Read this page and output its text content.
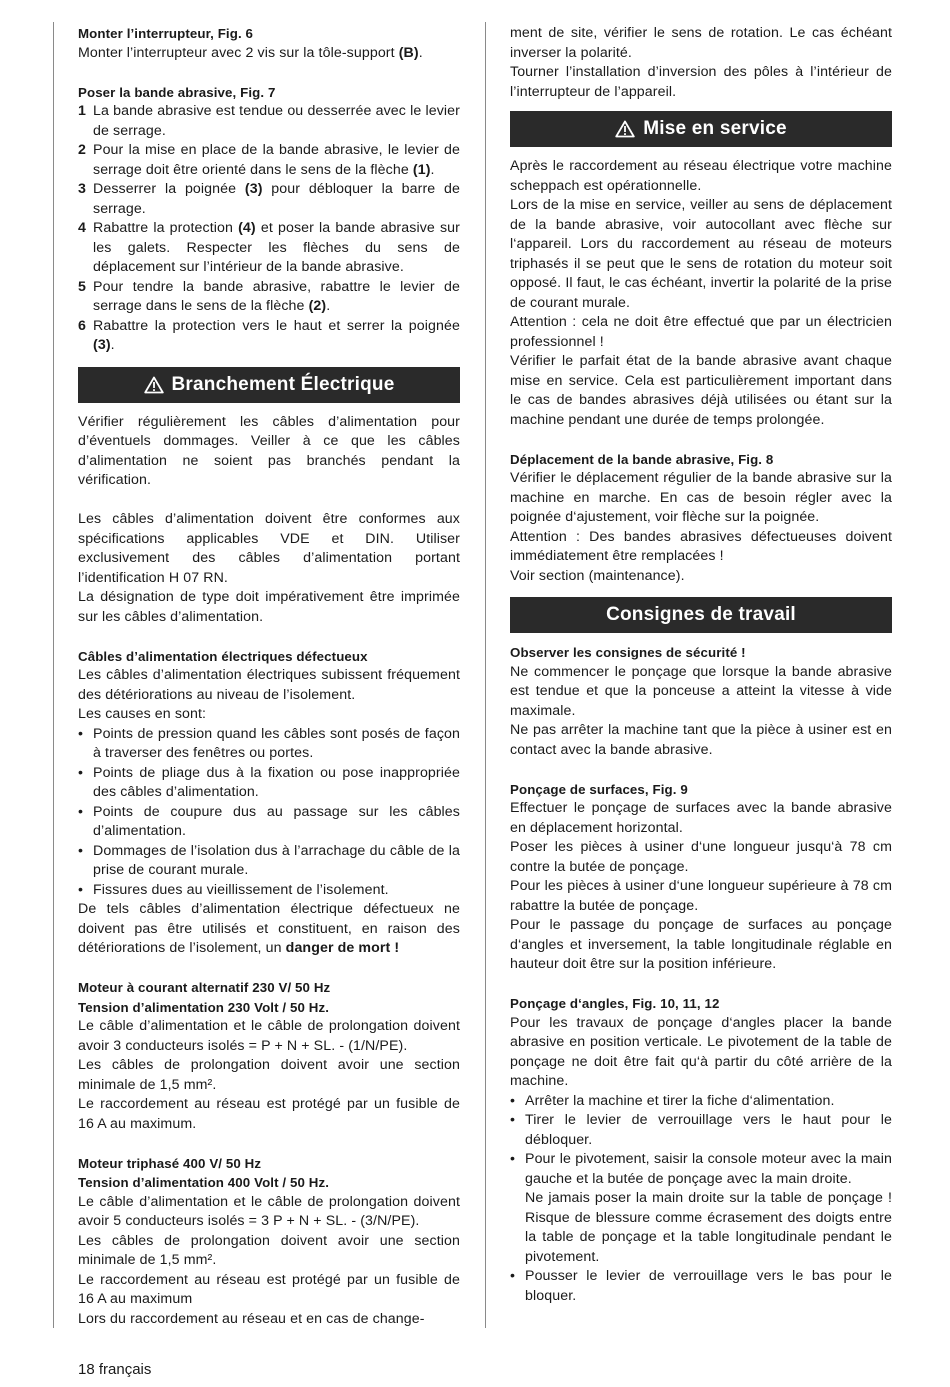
Monter l’interrupteur, Fig. 6

Monter l’interrupteur avec 2 vis sur la tôle-support (B).

Poser la bande abrasive, Fig. 7

1 La bande abrasive est tendue ou desserrée avec le levier de serrage.
2 Pour la mise en place de la bande abrasive, le levier de serrage doit être orienté dans le sens de la flèche (1).
3 Desserrer la poignée (3) pour débloquer la barre de serrage.
4 Rabattre la protection (4) et poser la bande abrasive sur les galets. Respecter les flèches du sens de déplacement sur l’intérieur de la bande abrasive.
5 Pour tendre la bande abrasive, rabattre le levier de serrage dans le sens de la flèche (2).
6 Rabattre la protection vers le haut et serrer la poignée (3).
Branchement Électrique

Vérifier régulièrement les câbles d’alimentation pour d’éventuels dommages. Veiller à ce que les câbles d’alimentation ne soient pas branchés pendant la vérification.

Les câbles d’alimentation doivent être conformes aux spécifications applicables VDE et DIN. Utiliser exclusivement des câbles d’alimentation portant l’identification H 07 RN.

La désignation de type doit impérativement être imprimée sur les câbles d’alimentation.

Câbles d’alimentation électriques défectueux

Les câbles d’alimentation électriques subissent fréquement des détériorations au niveau de l’isolement.

Les causes en sont:

• Points de pression quand les câbles sont posés de façon à traverser des fenêtres ou portes.
• Points de pliage dus à la fixation ou pose inappropriée des câbles d’alimentation.
• Points de coupure dus au passage sur les câbles d’alimentation.
• Dommages de l’isolation dus à l’arrachage du câble de la prise de courant murale.
• Fissures dues au vieillissement de l’isolement.

De tels câbles d’alimentation électrique défectueux ne doivent pas être utilisés et constituent, en raison des détériorations de l’isolement, un danger de mort !

Moteur à courant alternatif 230 V/ 50 Hz

Tension d’alimentation 230 Volt / 50 Hz.

Le câble d’alimentation et le câble de prolongation doivent avoir 3 conducteurs isolés = P + N + SL. - (1/N/PE).

Les câbles de prolongation doivent avoir une section minimale de 1,5 mm².

Le raccordement au réseau est protégé par un fusible de 16 A au maximum.

Moteur triphasé 400 V/ 50 Hz

Tension d’alimentation 400 Volt / 50 Hz.

Le câble d’alimentation et le câble de prolongation doivent avoir 5 conducteurs isolés = 3 P + N + SL. - (3/N/PE).

Les câbles de prolongation doivent avoir une section minimale de 1,5 mm².

Le raccordement au réseau est protégé par un fusible de 16 A au maximum

Lors du raccordement au réseau et en cas de change-

ment de site, vérifier le sens de rotation. Le cas échéant inverser la polarité.

Tourner l’installation d’inversion des pôles à l’intérieur de l’interrupteur de l’appareil.

Mise en service

Après le raccordement au réseau électrique votre machine scheppach est opérationnelle.

Lors de la mise en service, veiller au sens de déplacement de la bande abrasive, voir autocollant avec flèche sur l‘appareil. Lors du raccordement au réseau de moteurs triphasés il se peut que le sens de rotation du moteur soit opposé. Il faut, le cas échéant, invertir la polarité de la prise de courant murale.

Attention : cela ne doit être effectué que par un électricien professionnel !

Vérifier le parfait état de la bande abrasive avant chaque mise en service. Cela est particulièrement important dans le cas de bandes abrasives déjà utilisées ou étant sur la machine pendant une durée de temps prolongée.

Déplacement de la bande abrasive, Fig. 8

Vérifier le déplacement régulier de la bande abrasive sur la machine en marche. En cas de besoin régler avec la poignée d‘ajustement, voir flèche sur la poignée.

Attention : Des bandes abrasives défectueuses doivent immédiatement être remplacées !

Voir section (maintenance).

Consignes de travail

Observer les consignes de sécurité !

Ne commencer le ponçage que lorsque la bande abrasive est tendue et que la ponceuse a atteint la vitesse à vide maximale.

Ne pas arrêter la machine tant que la pièce à usiner est en contact avec la bande abrasive.

Ponçage de surfaces, Fig. 9

Effectuer le ponçage de surfaces avec la bande abrasive en déplacement horizontal.

Poser les pièces à usiner d‘une longueur jusqu‘à 78 cm contre la butée de ponçage.

Pour les pièces à usiner d‘une longueur supérieure à 78 cm rabattre la butée de ponçage.

Pour le passage du ponçage de surfaces au ponçage d‘angles et inversement, la table longitudinale réglable en hauteur doit être sur la position inférieure.

Ponçage d‘angles, Fig. 10, 11, 12

Pour les travaux de ponçage d‘angles placer la bande abrasive en position verticale. Le pivotement de la table de ponçage ne doit être fait qu‘à partir du côté arrière de la machine.

• Arrêter la machine et tirer la fiche d‘alimentation.
• Tirer le levier de verrouillage vers le haut pour le débloquer.
• Pour le pivotement, saisir la console moteur avec la main gauche et la butée de ponçage avec la main droite.

Ne jamais poser la main droite sur la table de ponçage ! Risque de blessure comme écrasement des doigts entre la table de ponçage et la table longitudinale pendant le pivotement.

• Pousser le levier de verrouillage vers le bas pour le bloquer.
18 français
